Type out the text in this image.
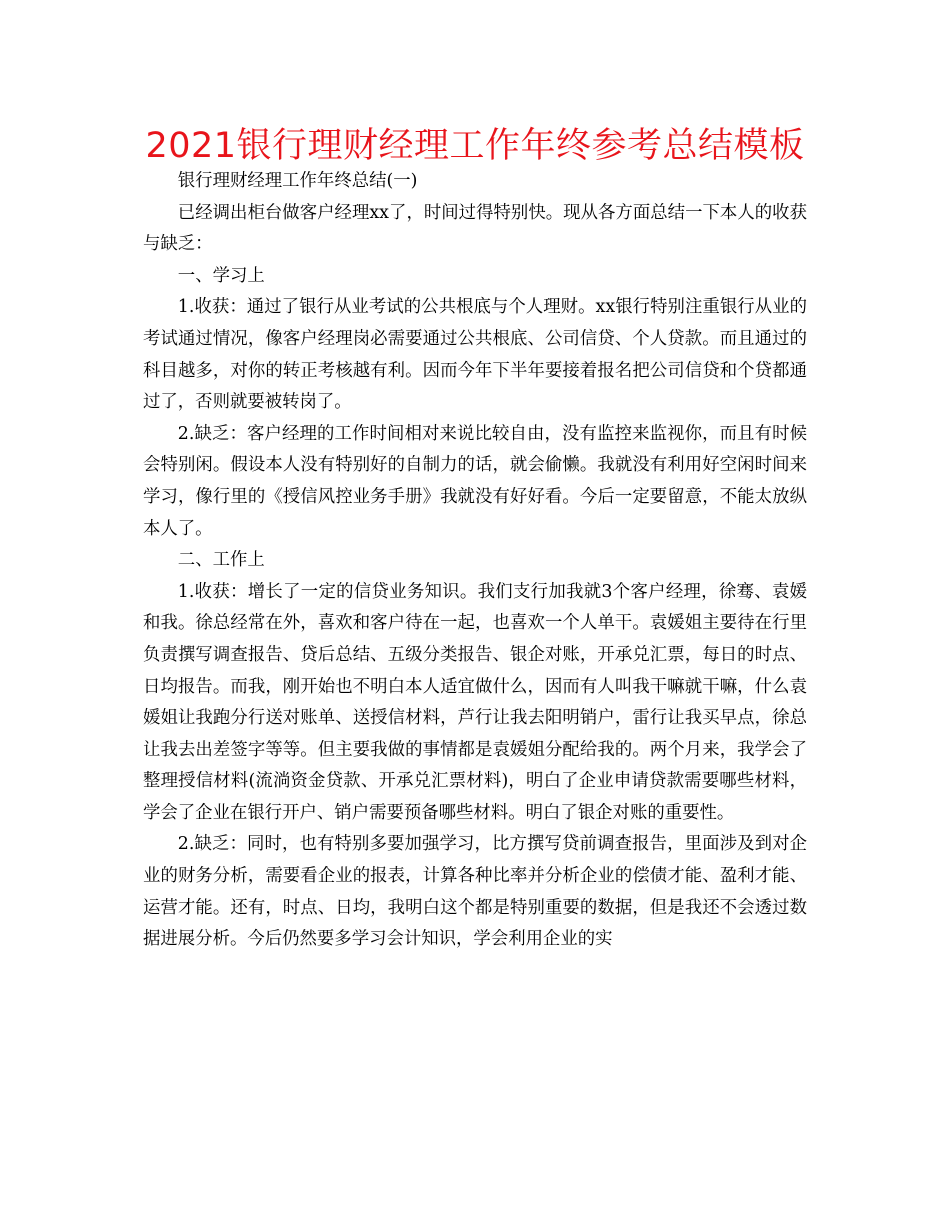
2021银行理财经理工作年终参考总结模板

银行理财经理工作年终总结(一)

已经调出柜台做客户经理xx了，时间过得特别快。现从各方面总结一下本人的收获与缺乏：

一、学习上

1.收获：通过了银行从业考试的公共根底与个人理财。xx银行特别注重银行从业的考试通过情况，像客户经理岗必需要通过公共根底、公司信贷、个人贷款。而且通过的科目越多，对你的转正考核越有利。因而今年下半年要接着报名把公司信贷和个贷都通过了，否则就要被转岗了。

2.缺乏：客户经理的工作时间相对来说比较自由，没有监控来监视你，而且有时候会特别闲。假设本人没有特别好的自制力的话，就会偷懒。我就没有利用好空闲时间来学习，像行里的《授信风控业务手册》我就没有好好看。今后一定要留意，不能太放纵本人了。

二、工作上

1.收获：增长了一定的信贷业务知识。我们支行加我就3个客户经理，徐骞、袁媛和我。徐总经常在外，喜欢和客户待在一起，也喜欢一个人单干。袁媛姐主要待在行里负责撰写调查报告、贷后总结、五级分类报告、银企对账，开承兑汇票，每日的时点、日均报告。而我，刚开始也不明白本人适宜做什么，因而有人叫我干嘛就干嘛，什么袁媛姐让我跑分行送对账单、送授信材料，芦行让我去阳明销户，雷行让我买早点，徐总让我去出差签字等等。但主要我做的事情都是袁媛姐分配给我的。两个月来，我学会了整理授信材料(流淌资金贷款、开承兑汇票材料)，明白了企业申请贷款需要哪些材料，学会了企业在银行开户、销户需要预备哪些材料。明白了银企对账的重要性。

2.缺乏：同时，也有特别多要加强学习，比方撰写贷前调查报告，里面涉及到对企业的财务分析，需要看企业的报表，计算各种比率并分析企业的偿债才能、盈利才能、运营才能。还有，时点、日均，我明白这个都是特别重要的数据，但是我还不会透过数据进展分析。今后仍然要多学习会计知识，学会利用企业的实
